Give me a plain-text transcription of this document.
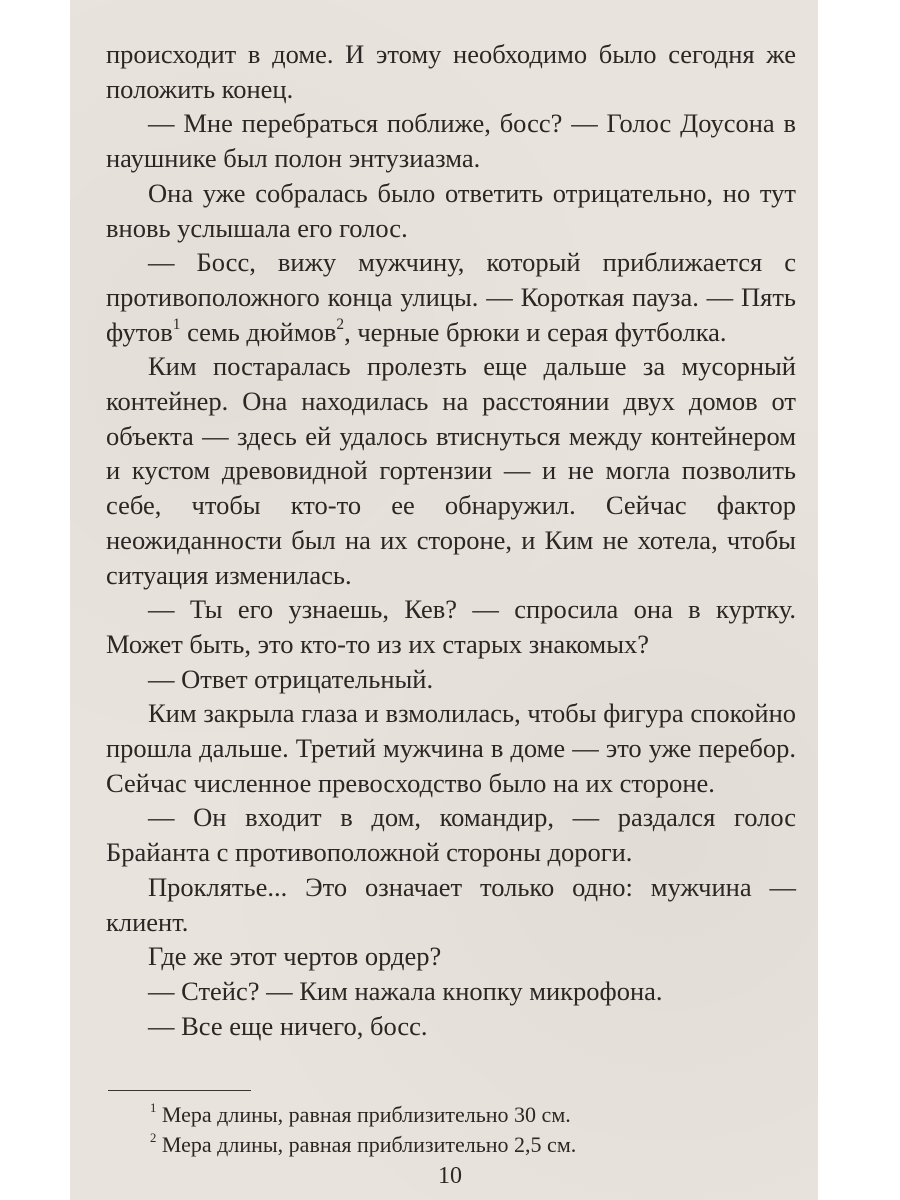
происходит в доме. И этому необходимо было сегодня же положить конец.

— Мне перебраться поближе, босс? — Голос Доусона в наушнике был полон энтузиазма.

Она уже собралась было ответить отрицательно, но тут вновь услышала его голос.

— Босс, вижу мужчину, который приближается с противоположного конца улицы. — Короткая пауза. — Пять футов$^1$ семь дюймов$^2$, черные брюки и серая футболка.

Ким постаралась пролезть еще дальше за мусорный контейнер. Она находилась на расстоянии двух домов от объекта — здесь ей удалось втиснуться между контейнером и кустом древовидной гортензии — и не могла позволить себе, чтобы кто-то ее обнаружил. Сейчас фактор неожиданности был на их стороне, и Ким не хотела, чтобы ситуация изменилась.

— Ты его узнаешь, Кев? — спросила она в куртку. Может быть, это кто-то из их старых знакомых?

— Ответ отрицательный.

Ким закрыла глаза и взмолилась, чтобы фигура спокойно прошла дальше. Третий мужчина в доме — это уже перебор. Сейчас численное превосходство было на их стороне.

— Он входит в дом, командир, — раздался голос Брайанта с противоположной стороны дороги.

Проклятье... Это означает только одно: мужчина — клиент.

Где же этот чертов ордер?

— Стейс? — Ким нажала кнопку микрофона.

— Все еще ничего, босс.

$^1$ Мера длины, равная приблизительно 30 см.

$^2$ Мера длины, равная приблизительно 2,5 см.

10
